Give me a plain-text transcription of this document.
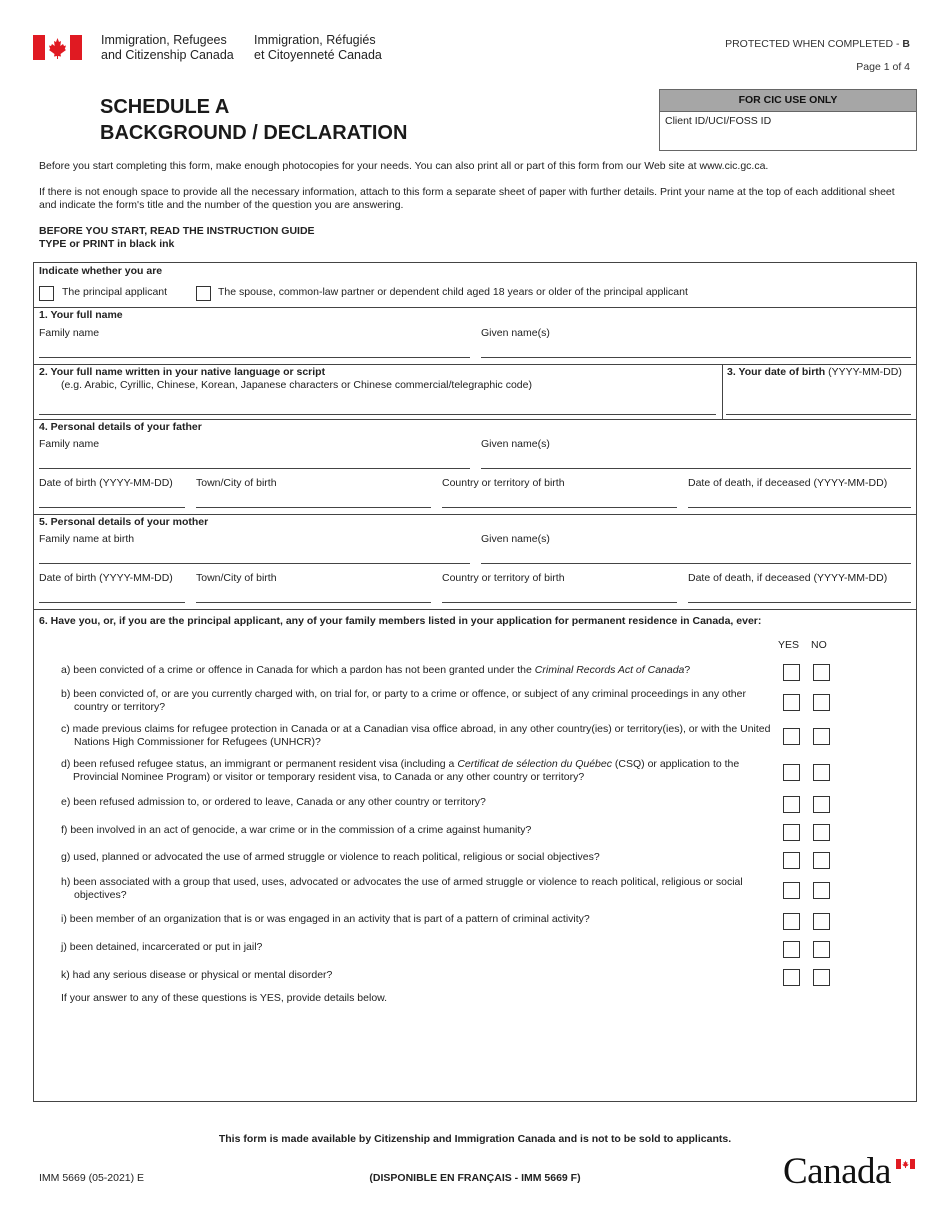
Immigration, Refugees
and Citizenship Canada
Immigration, Réfugiés
et Citoyenneté Canada
PROTECTED WHEN COMPLETED - B
Page 1 of 4
SCHEDULE A
BACKGROUND / DECLARATION
FOR CIC USE ONLY
Client ID/UCI/FOSS ID
Before you start completing this form, make enough photocopies for your needs. You can also print all or part of this form from our Web site at www.cic.gc.ca.
If there is not enough space to provide all the necessary information, attach to this form a separate sheet of paper with further details. Print your name at the top of each additional sheet and indicate the form's title and the number of the question you are answering.
BEFORE YOU START, READ THE INSTRUCTION GUIDE
TYPE or PRINT in black ink
Indicate whether you are
The principal applicant	The spouse, common-law partner or dependent child aged 18 years or older of the principal applicant
1. Your full name
Family name	Given name(s)
2. Your full name written in your native language or script
(e.g. Arabic, Cyrillic, Chinese, Korean, Japanese characters or Chinese commercial/telegraphic code)
3. Your date of birth (YYYY-MM-DD)
4. Personal details of your father
Family name	Given name(s)
Date of birth (YYYY-MM-DD) Town/City of birth	Country or territory of birth	Date of death, if deceased (YYYY-MM-DD)
5. Personal details of your mother
Family name at birth	Given name(s)
Date of birth (YYYY-MM-DD) Town/City of birth	Country or territory of birth	Date of death, if deceased (YYYY-MM-DD)
6. Have you, or, if you are the principal applicant, any of your family members listed in your application for permanent residence in Canada, ever:
YES NO
a) been convicted of a crime or offence in Canada for which a pardon has not been granted under the Criminal Records Act of Canada?
b) been convicted of, or are you currently charged with, on trial for, or party to a crime or offence, or subject of any criminal proceedings in any other country or territory?
c) made previous claims for refugee protection in Canada or at a Canadian visa office abroad, in any other country(ies) or territory(ies), or with the United Nations High Commissioner for Refugees (UNHCR)?
d) been refused refugee status, an immigrant or permanent resident visa (including a Certificat de sélection du Québec (CSQ) or application to the Provincial Nominee Program) or visitor or temporary resident visa, to Canada or any other country or territory?
e) been refused admission to, or ordered to leave, Canada or any other country or territory?
f) been involved in an act of genocide, a war crime or in the commission of a crime against humanity?
g) used, planned or advocated the use of armed struggle or violence to reach political, religious or social objectives?
h) been associated with a group that used, uses, advocated or advocates the use of armed struggle or violence to reach political, religious or social objectives?
i) been member of an organization that is or was engaged in an activity that is part of a pattern of criminal activity?
j) been detained, incarcerated or put in jail?
k) had any serious disease or physical or mental disorder?
If your answer to any of these questions is YES, provide details below.
This form is made available by Citizenship and Immigration Canada and is not to be sold to applicants.
IMM 5669 (05-2021) E	(DISPONIBLE EN FRANÇAIS - IMM 5669 F)	Canada
